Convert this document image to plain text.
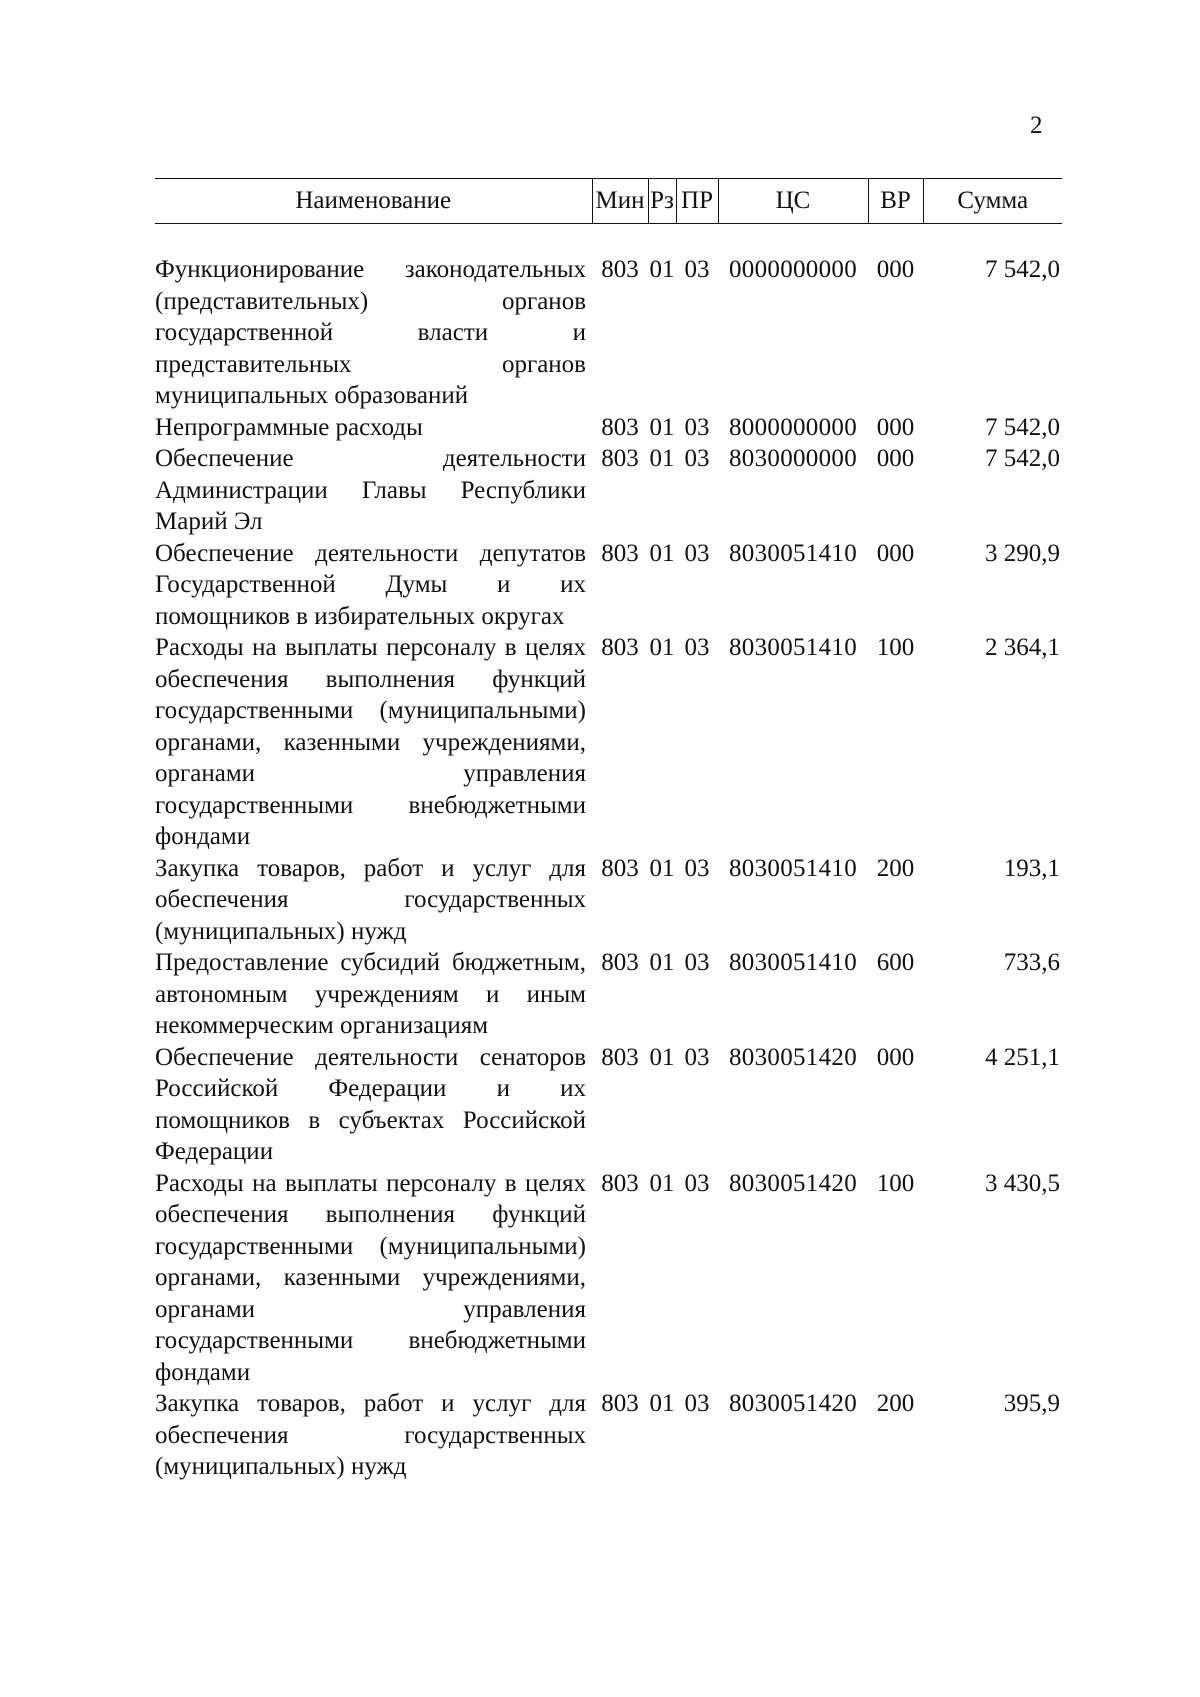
2
Наименование	Мин	Рз	ПР	ЦС	ВР	Сумма

Функционирование законодательных (представительных) органов государственной власти и представительных органов муниципальных образований	803	01	03	0000000000	000	7 542,0
Непрограммные расходы	803	01	03	8000000000	000	7 542,0
Обеспечение деятельности Администрации Главы Республики Марий Эл	803	01	03	8030000000	000	7 542,0
Обеспечение деятельности депутатов Государственной Думы и их помощников в избирательных округах	803	01	03	8030051410	000	3 290,9
Расходы на выплаты персоналу в целях обеспечения выполнения функций государственными (муниципальными) органами, казенными учреждениями, органами управления государственными внебюджетными фондами	803	01	03	8030051410	100	2 364,1
Закупка товаров, работ и услуг для обеспечения государственных (муниципальных) нужд	803	01	03	8030051410	200	193,1
Предоставление субсидий бюджетным, автономным учреждениям и иным некоммерческим организациям	803	01	03	8030051410	600	733,6
Обеспечение деятельности сенаторов Российской Федерации и их помощников в субъектах Российской Федерации	803	01	03	8030051420	000	4 251,1
Расходы на выплаты персоналу в целях обеспечения выполнения функций государственными (муниципальными) органами, казенными учреждениями, органами управления государственными внебюджетными фондами	803	01	03	8030051420	100	3 430,5
Закупка товаров, работ и услуг для обеспечения государственных (муниципальных) нужд	803	01	03	8030051420	200	395,9
